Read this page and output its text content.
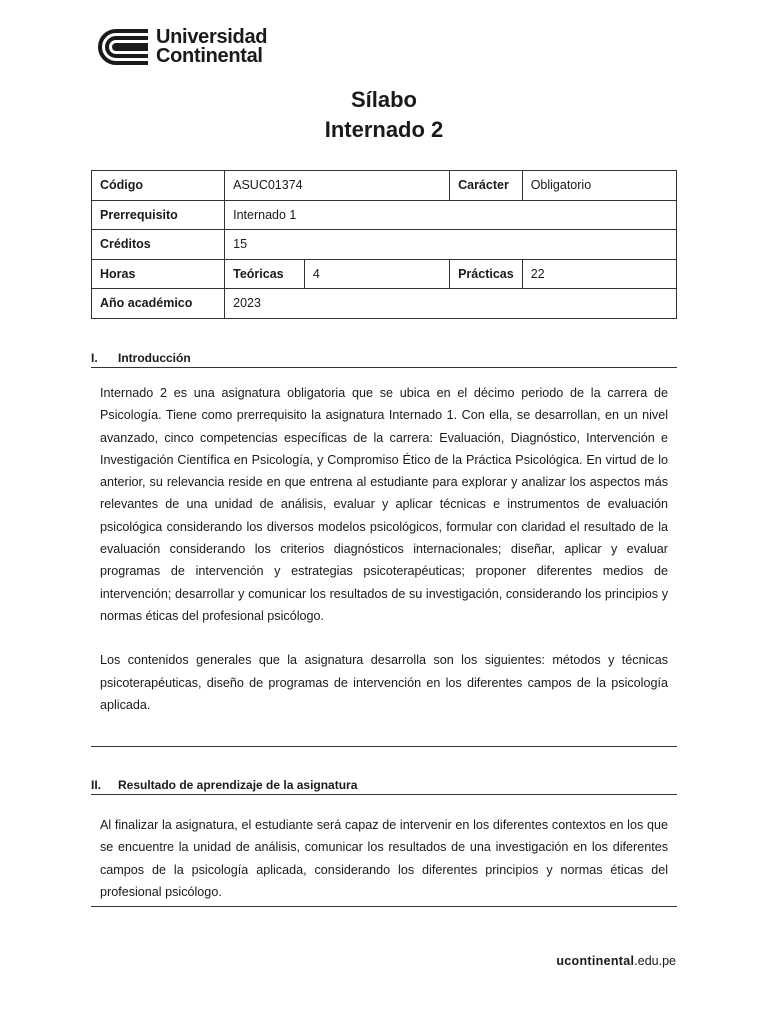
Universidad
Continental
Sílabo
Internado 2
Código	ASUC01374		Carácter	Obligatorio
Prerrequisito	Internado 1			
Créditos	15			
Horas	Teóricas	4	Prácticas	22
Año académico	2023			
I. Introducción

Internado 2 es una asignatura obligatoria que se ubica en el décimo periodo de la carrera de Psicología. Tiene como prerrequisito la asignatura Internado 1. Con ella, se desarrollan, en un nivel avanzado, cinco competencias específicas de la carrera: Evaluación, Diagnóstico, Intervención e Investigación Científica en Psicología, y Compromiso Ético de la Práctica Psicológica. En virtud de lo anterior, su relevancia reside en que entrena al estudiante para explorar y analizar los aspectos más relevantes de una unidad de análisis, evaluar y aplicar técnicas e instrumentos de evaluación psicológica considerando los diversos modelos psicológicos, formular con claridad el resultado de la evaluación considerando los criterios diagnósticos internacionales; diseñar, aplicar y evaluar programas de intervención y estrategias psicoterapéuticas; proponer diferentes medios de intervención; desarrollar y comunicar los resultados de su investigación, considerando los principios y normas éticas del profesional psicólogo.

Los contenidos generales que la asignatura desarrolla son los siguientes: métodos y técnicas psicoterapéuticas, diseño de programas de intervención en los diferentes campos de la psicología aplicada.

II. Resultado de aprendizaje de la asignatura

Al finalizar la asignatura, el estudiante será capaz de intervenir en los diferentes contextos en los que se encuentre la unidad de análisis, comunicar los resultados de una investigación en los diferentes campos de la psicología aplicada, considerando los diferentes principios y normas éticas del profesional psicólogo.

ucontinental.edu.pe
